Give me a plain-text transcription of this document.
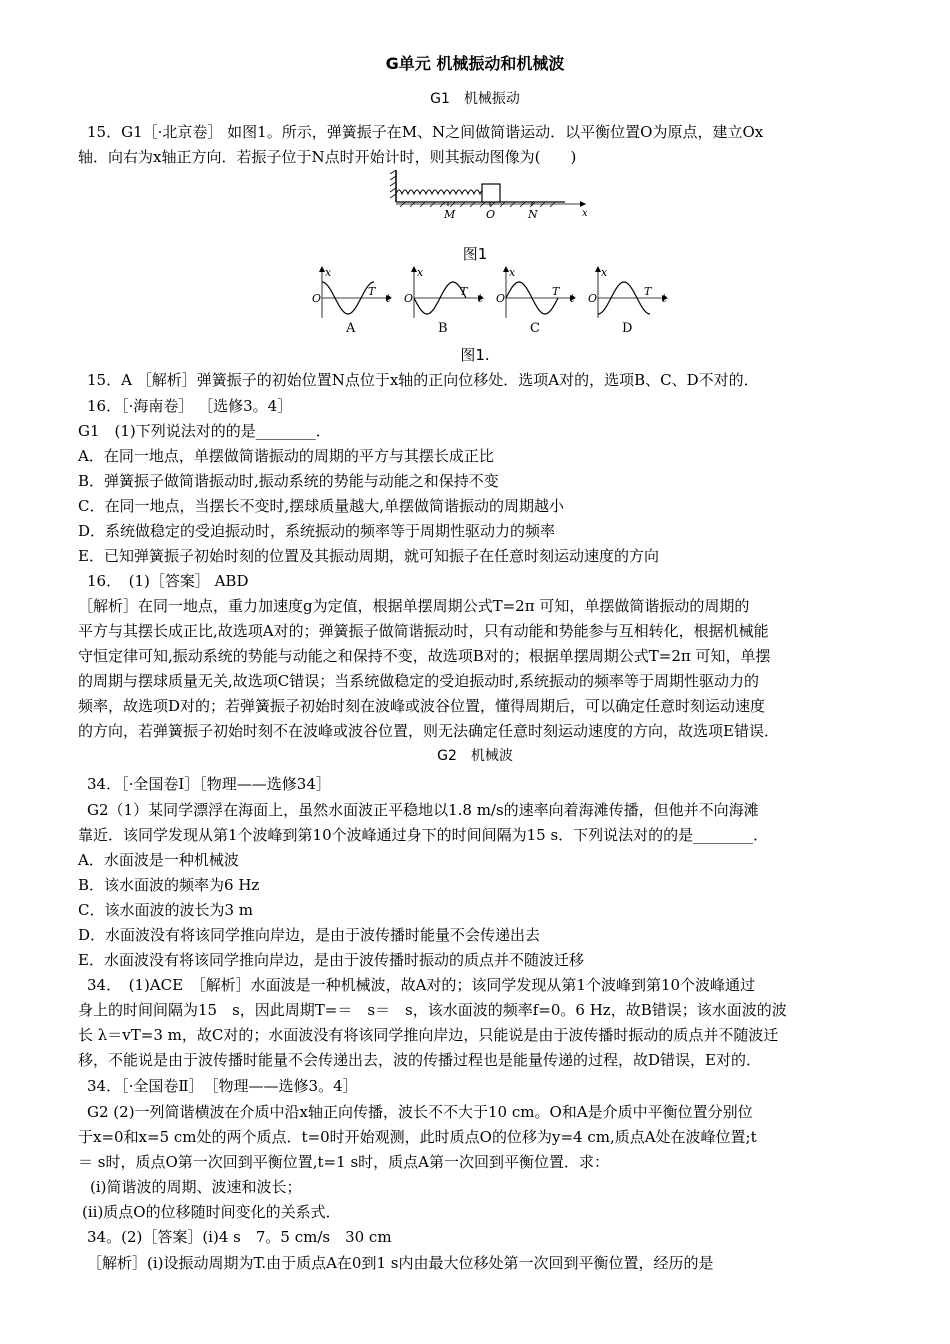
G单元 机械振动和机械波
G1　机械振动
15．G1［·北京卷］ 如图1。所示，弹簧振子在M、N之间做简谐运动．以平衡位置O为原点，建立Ox
轴．向右为x轴正方向．若振子位于N点时开始计时，则其振动图像为(　　)
M	O	N	x
图1
x
O
T
t
A
x
O
T
t
B
x
O
T
t
C
x
O
T
t
D
图1.
15．A ［解析］弹簧振子的初始位置N点位于x轴的正向位移处．选项A对的，选项B、C、D不对的．
16．［·海南卷］ ［选修3。4］
G1　(1)下列说法对的的是________．
A．在同一地点，单摆做简谐振动的周期的平方与其摆长成正比
B．弹簧振子做简谐振动时,振动系统的势能与动能之和保持不变
C．在同一地点，当摆长不变时,摆球质量越大,单摆做简谐振动的周期越小
D．系统做稳定的受迫振动时，系统振动的频率等于周期性驱动力的频率
E．已知弹簧振子初始时刻的位置及其振动周期，就可知振子在任意时刻运动速度的方向
16．　(1)［答案］ ABD
［解析］在同一地点，重力加速度g为定值，根据单摆周期公式T=2π 可知，单摆做简谐振动的周期的
平方与其摆长成正比,故选项A对的；弹簧振子做简谐振动时，只有动能和势能参与互相转化，根据机械能
守恒定律可知,振动系统的势能与动能之和保持不变，故选项B对的；根据单摆周期公式T=2π 可知，单摆
的周期与摆球质量无关,故选项C错误；当系统做稳定的受迫振动时,系统振动的频率等于周期性驱动力的
频率，故选项D对的；若弹簧振子初始时刻在波峰或波谷位置，懂得周期后，可以确定任意时刻运动速度
的方向，若弹簧振子初始时刻不在波峰或波谷位置，则无法确定任意时刻运动速度的方向，故选项E错误．
G2　机械波
34．［·全国卷Ⅰ］［物理——选修34］
G2（1）某同学漂浮在海面上，虽然水面波正平稳地以1.8 m/s的速率向着海滩传播，但他并不向海滩
靠近．该同学发现从第1个波峰到第10个波峰通过身下的时间间隔为15 s．下列说法对的的是________．
A．水面波是一种机械波
B．该水面波的频率为6 Hz
C．该水面波的波长为3 m
D．水面波没有将该同学推向岸边，是由于波传播时能量不会传递出去
E．水面波没有将该同学推向岸边，是由于波传播时振动的质点并不随波迁移
34．　(1)ACE　［解析］水面波是一种机械波，故A对的；该同学发现从第1个波峰到第10个波峰通过
身上的时间间隔为15　s，因此周期T=＝　s＝　s，该水面波的频率f=0。6 Hz，故B错误；该水面波的波
长 λ＝vT=3 m，故C对的；水面波没有将该同学推向岸边，只能说是由于波传播时振动的质点并不随波迁
移，不能说是由于波传播时能量不会传递出去，波的传播过程也是能量传递的过程，故D错误，E对的．
34．［·全国卷Ⅱ］　［物理——选修3。4］
G2 (2)一列简谐横波在介质中沿x轴正向传播，波长不不大于10 cm。O和A是介质中平衡位置分别位
于x=0和x=5 cm处的两个质点．t=0时开始观测，此时质点O的位移为y=4 cm,质点A处在波峰位置;t
＝ s时，质点O第一次回到平衡位置,t=1 s时，质点A第一次回到平衡位置．求：
(i)简谐波的周期、波速和波长；
(ii)质点O的位移随时间变化的关系式．
34。(2)［答案］(i)4 s　7。5 cm/s　30 cm
［解析］(i)设振动周期为T.由于质点A在0到1 s内由最大位移处第一次回到平衡位置，经历的是
